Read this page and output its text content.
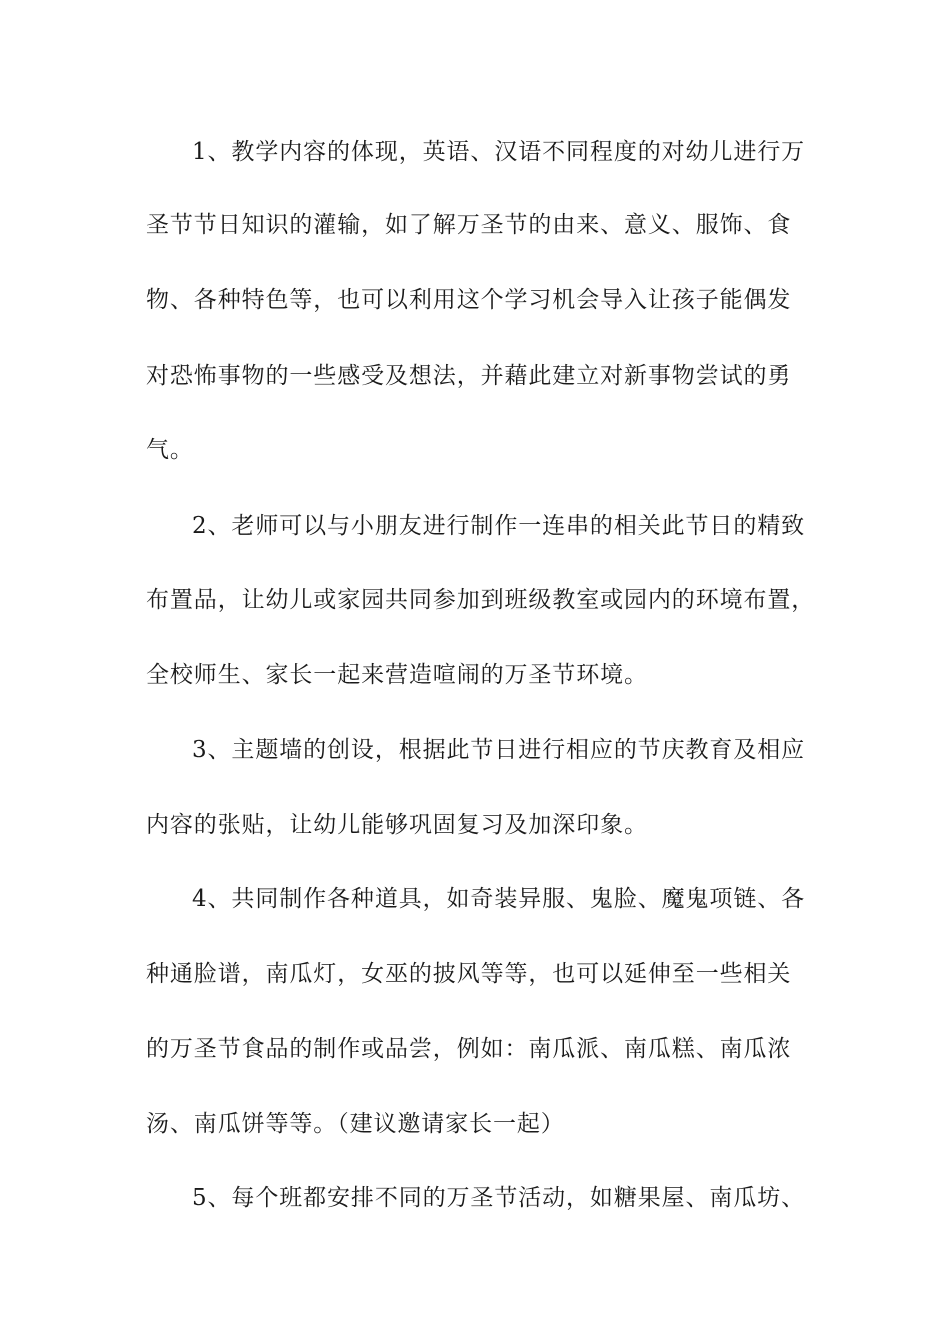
1、教学内容的体现，英语、汉语不同程度的对幼儿进行万

圣节节日知识的灌输，如了解万圣节的由来、意义、服饰、食

物、各种特色等，也可以利用这个学习机会导入让孩子能偶发

对恐怖事物的一些感受及想法，并藉此建立对新事物尝试的勇

气。

2、老师可以与小朋友进行制作一连串的相关此节日的精致

布置品，让幼儿或家园共同参加到班级教室或园内的环境布置，

全校师生、家长一起来营造喧闹的万圣节环境。

3、主题墙的创设，根据此节日进行相应的节庆教育及相应

内容的张贴，让幼儿能够巩固复习及加深印象。

4、共同制作各种道具，如奇装异服、鬼脸、魔鬼项链、各

种通脸谱，南瓜灯，女巫的披风等等，也可以延伸至一些相关

的万圣节食品的制作或品尝，例如：南瓜派、南瓜糕、南瓜浓

汤、南瓜饼等等。（建议邀请家长一起）

5、每个班都安排不同的万圣节活动，如糖果屋、南瓜坊、
